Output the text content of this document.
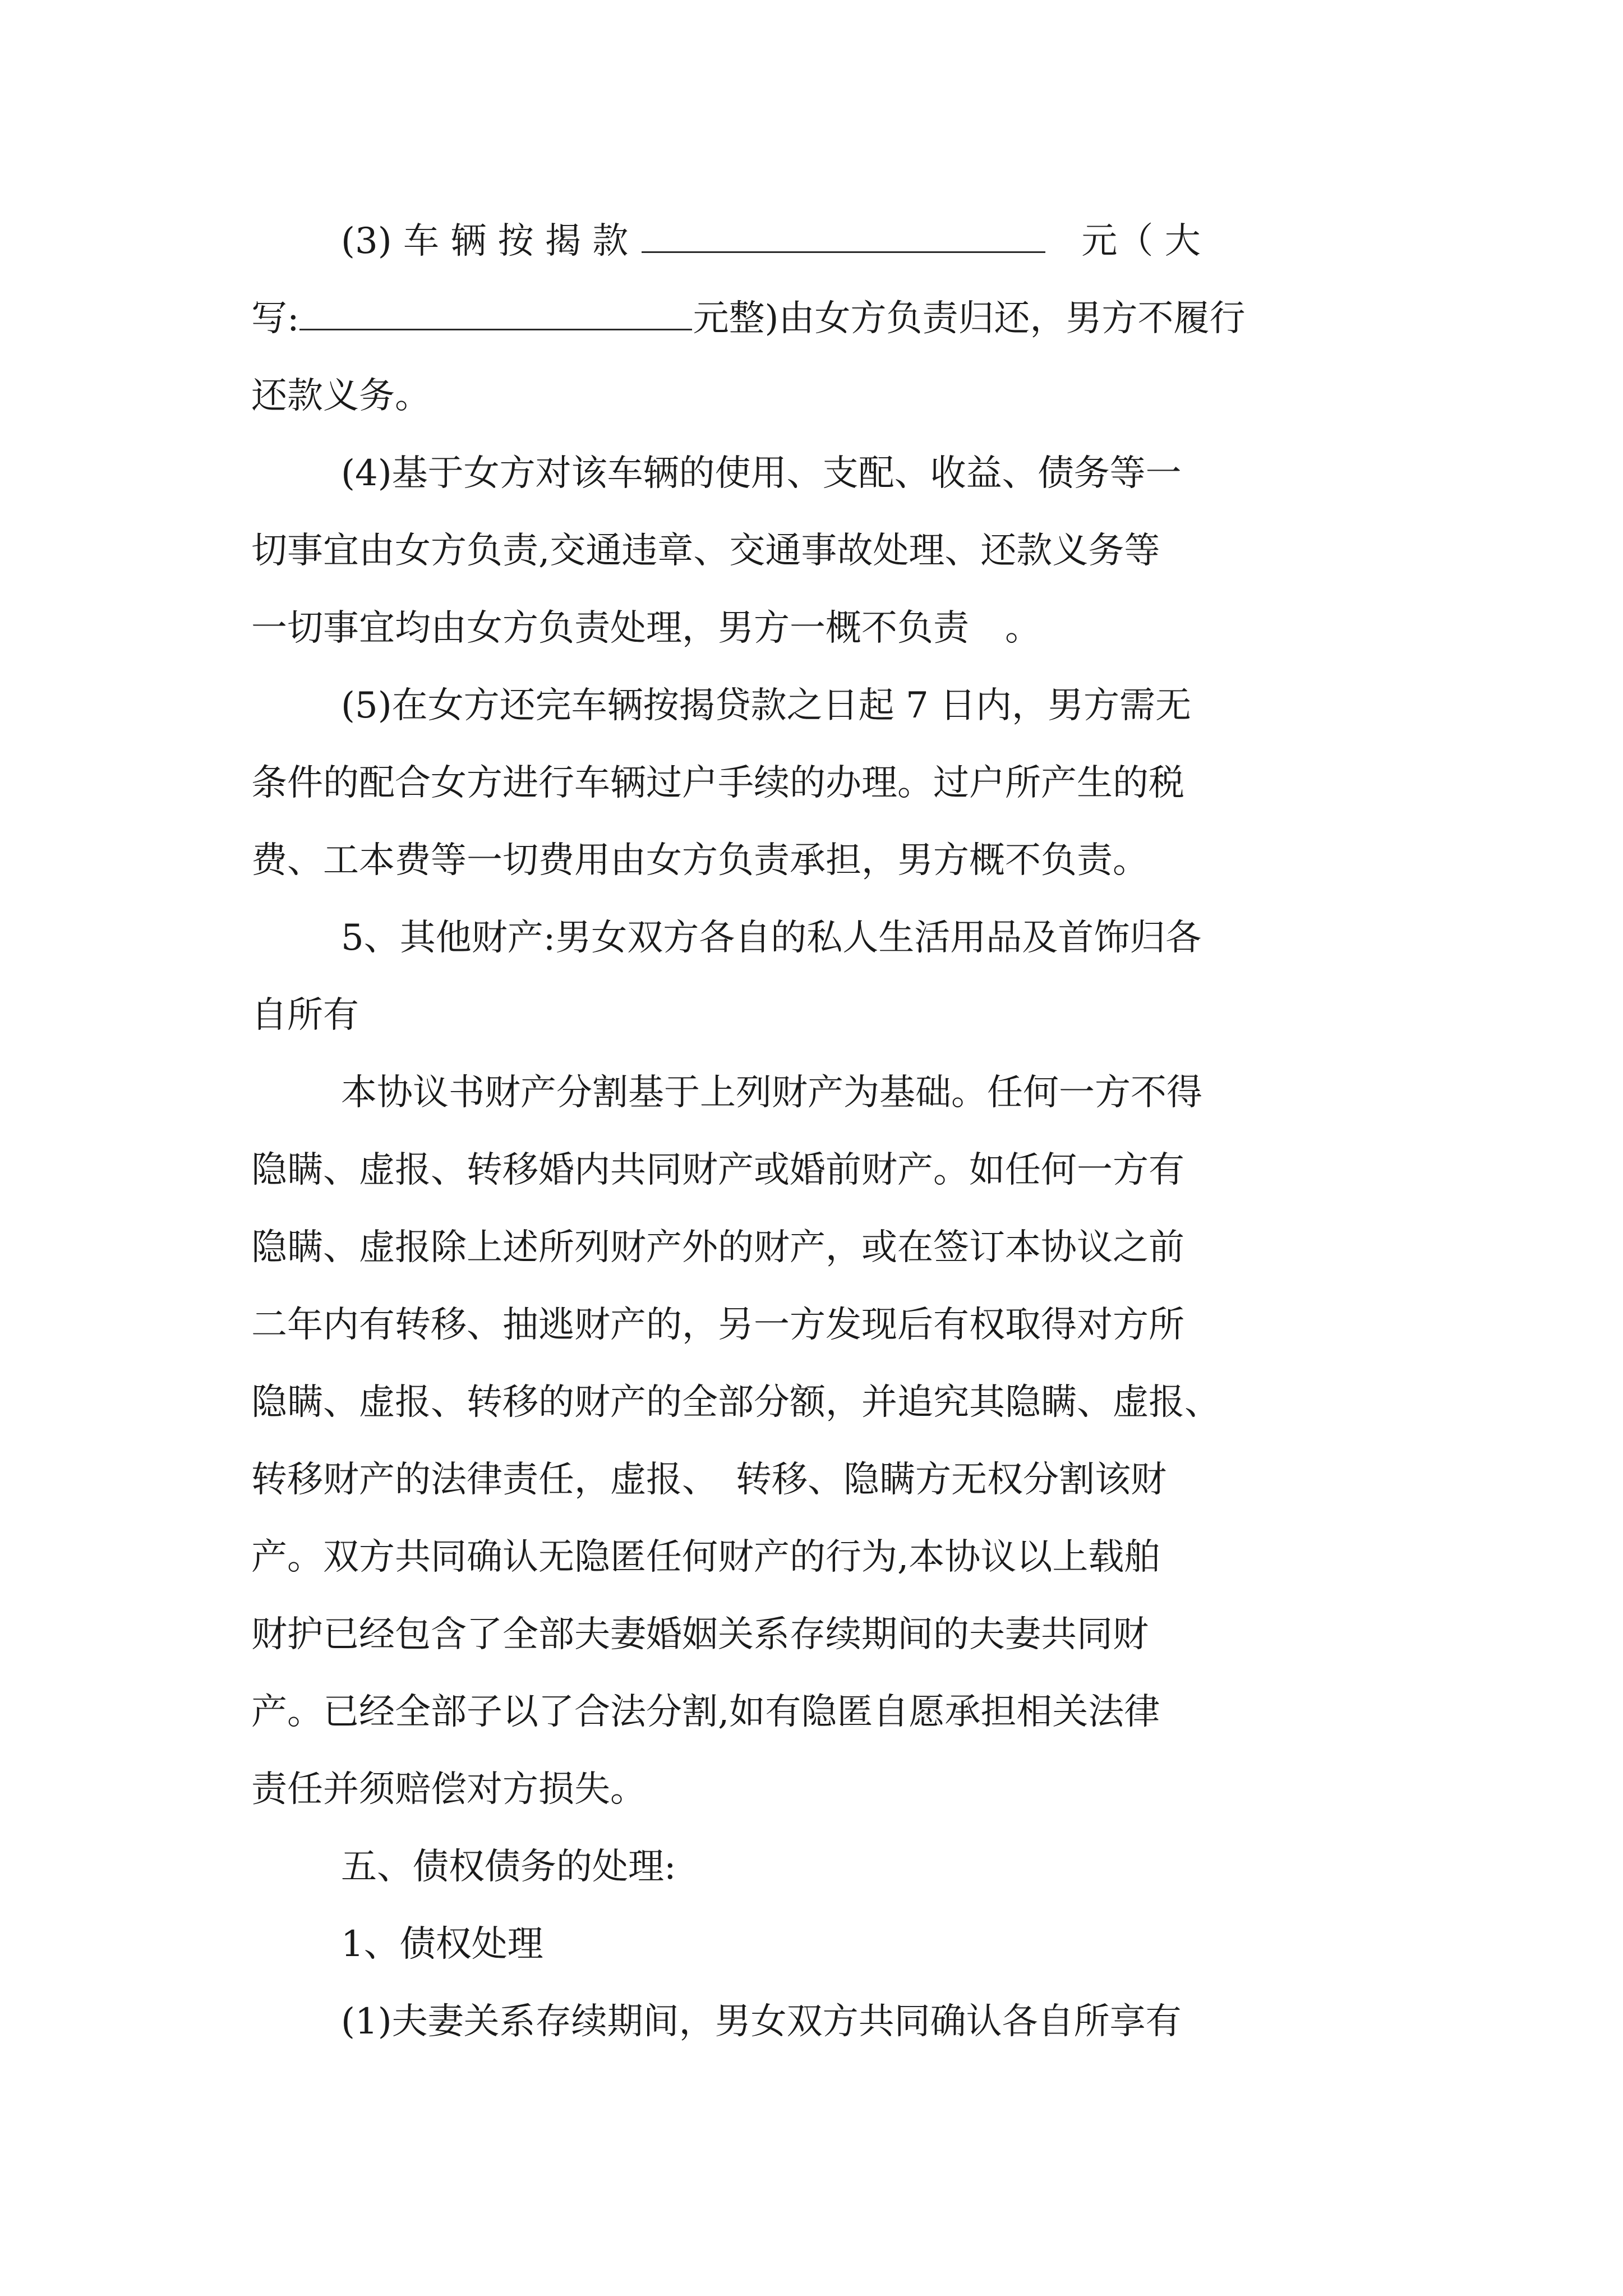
(3) 车 辆 按 揭 款	元（ 大

写:	元整)由女方负责归还，男方不履行

还款义务。

(4)基于女方对该车辆的使用、支配、收益、债务等一

切事宜由女方负责,交通违章、交通事故处理、还款义务等

一切事宜均由女方负责处理，男方一概不负责　。

(5)在女方还完车辆按揭贷款之日起 7 日内，男方需无

条件的配合女方进行车辆过户手续的办理。过户所产生的税

费、工本费等一切费用由女方负责承担，男方概不负责。

5、其他财产:男女双方各自的私人生活用品及首饰归各

自所有

本协议书财产分割基于上列财产为基础。任何一方不得

隐瞒、虚报、转移婚内共同财产或婚前财产。如任何一方有

隐瞒、虚报除上述所列财产外的财产，或在签订本协议之前

二年内有转移、抽逃财产的，另一方发现后有权取得对方所

隐瞒、虚报、转移的财产的全部分额，并追究其隐瞒、虚报、

转移财产的法律责任，虚报、　转移、隐瞒方无权分割该财

产。双方共同确认无隐匿任何财产的行为,本协议以上载舶

财护已经包含了全部夫妻婚姻关系存续期间的夫妻共同财

产。已经全部子以了合法分割,如有隐匿自愿承担相关法律

责任并须赔偿对方损失。

五、债权债务的处理:

1、债权处理

(1)夫妻关系存续期间，男女双方共同确认各自所享有
